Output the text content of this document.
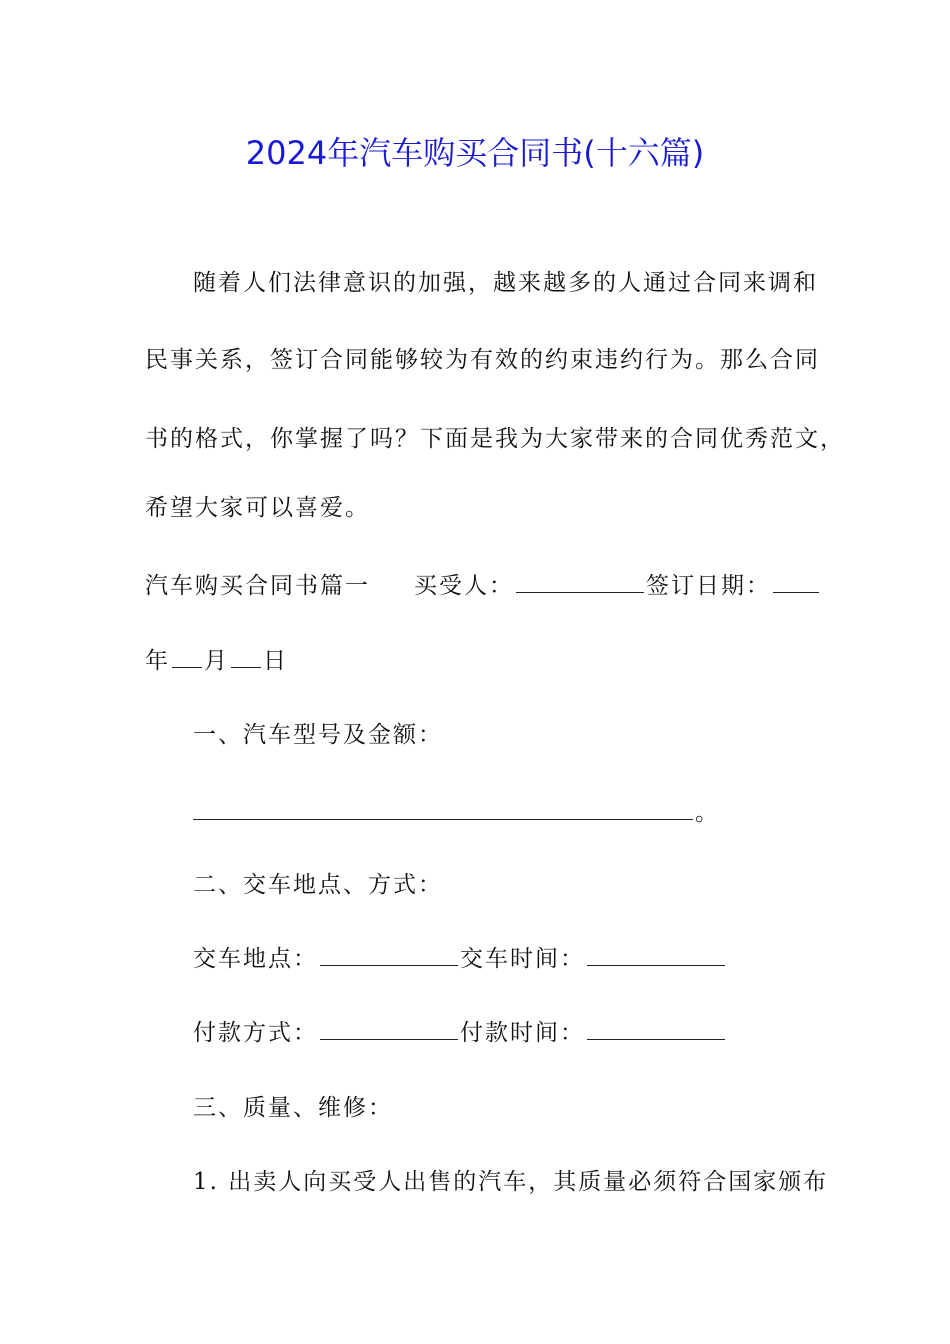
2024年汽车购买合同书(十六篇)
随着人们法律意识的加强，越来越多的人通过合同来调和
民事关系，签订合同能够较为有效的约束违约行为。那么合同
书的格式，你掌握了吗？下面是我为大家带来的合同优秀范文，
希望大家可以喜爱。
汽车购买合同书篇一 买受人：	签订日期：
年 月 日
一、汽车型号及金额：
。
二、交车地点、方式：
交车地点：	交车时间：
付款方式：	付款时间：
三、质量、维修：
1. 出卖人向买受人出售的汽车，其质量必须符合国家颁布
